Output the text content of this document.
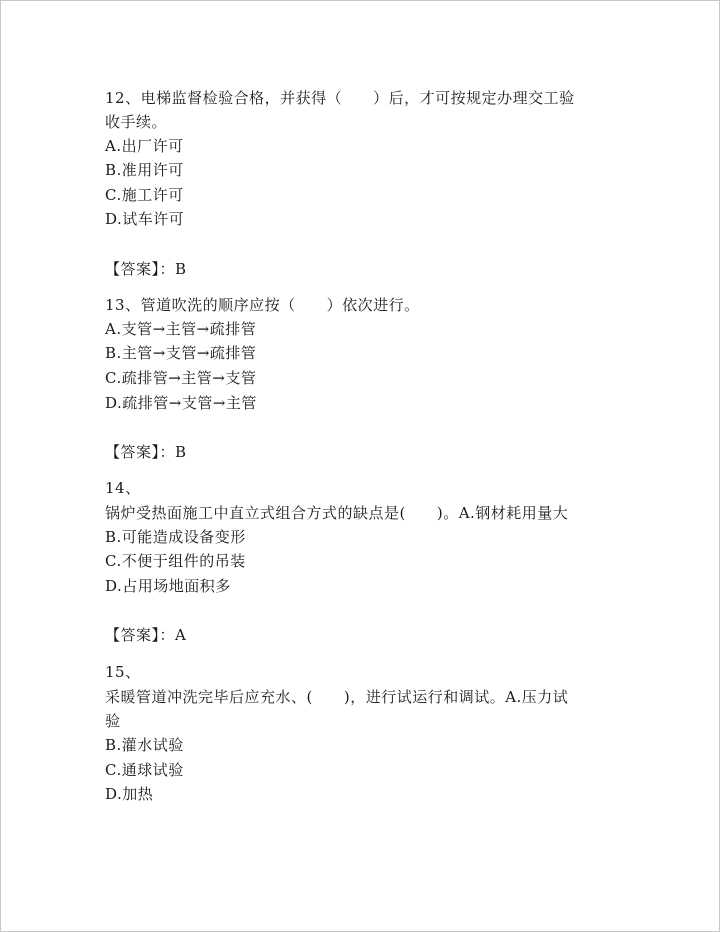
12、电梯监督检验合格，并获得（　　）后，才可按规定办理交工验
收手续。
A.出厂许可
B.准用许可
C.施工许可
D.试车许可
【答案】：B
13、管道吹洗的顺序应按（　　）依次进行。
A.支管→主管→疏排管
B.主管→支管→疏排管
C.疏排管→主管→支管
D.疏排管→支管→主管
【答案】：B
14、
锅炉受热面施工中直立式组合方式的缺点是(　　)。A.钢材耗用量大
B.可能造成设备变形
C.不便于组件的吊装
D.占用场地面积多
【答案】：A
15、
采暖管道冲洗完毕后应充水、(　　)，进行试运行和调试。A.压力试
验
B.灌水试验
C.通球试验
D.加热
